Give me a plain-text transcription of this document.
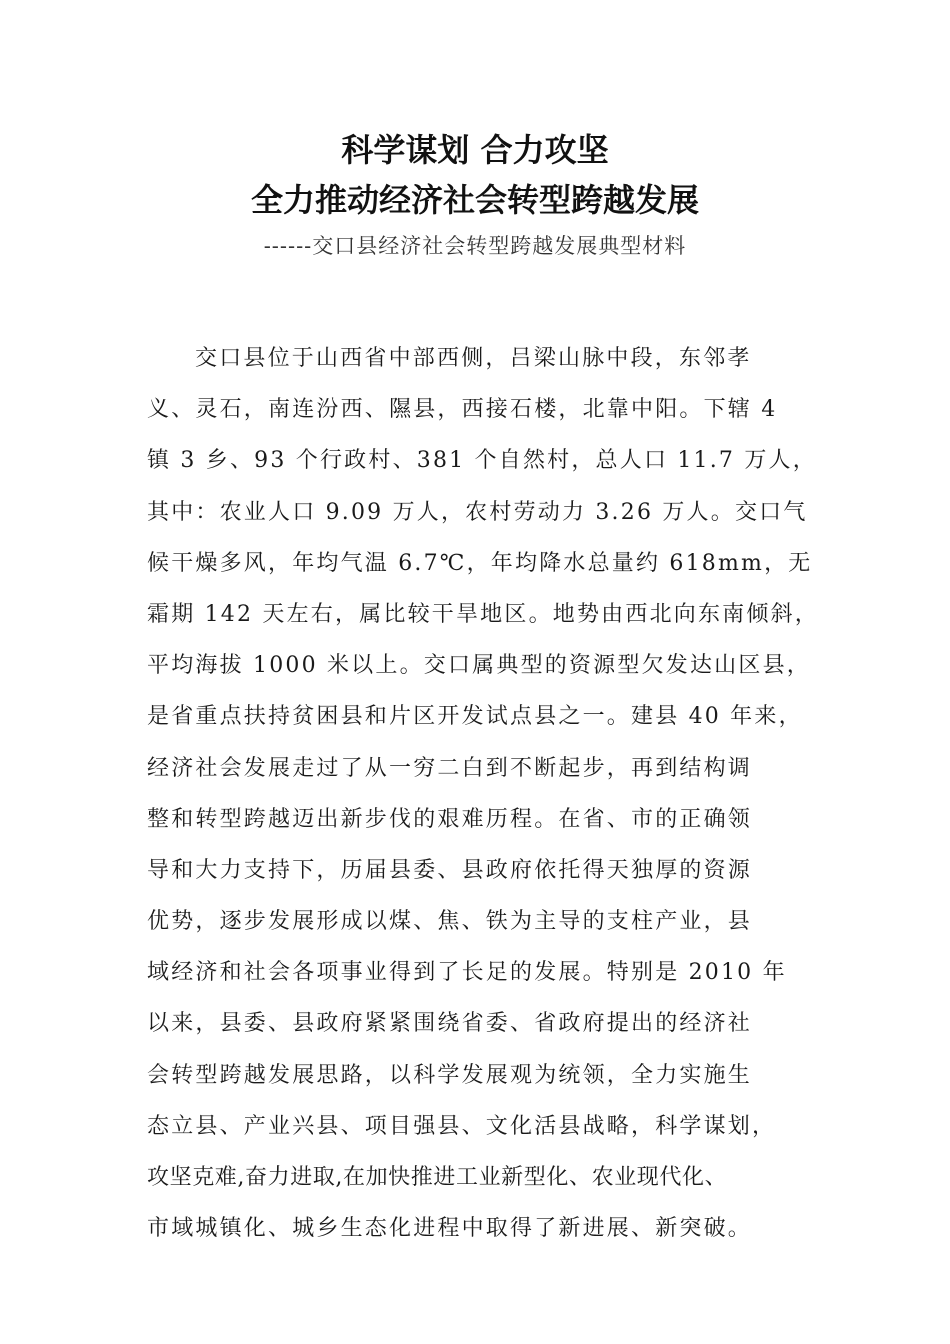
科学谋划 合力攻坚
全力推动经济社会转型跨越发展
------交口县经济社会转型跨越发展典型材料
交口县位于山西省中部西侧，吕梁山脉中段，东邻孝
义、灵石，南连汾西、隰县，西接石楼，北靠中阳。下辖 4
镇 3 乡、93 个行政村、381 个自然村，总人口 11.7 万人，
其中：农业人口 9.09 万人，农村劳动力 3.26 万人。交口气
候干燥多风，年均气温 6.7℃，年均降水总量约 618mm，无
霜期 142 天左右，属比较干旱地区。地势由西北向东南倾斜，
平均海拔 1000 米以上。交口属典型的资源型欠发达山区县，
是省重点扶持贫困县和片区开发试点县之一。建县 40 年来，
经济社会发展走过了从一穷二白到不断起步，再到结构调
整和转型跨越迈出新步伐的艰难历程。在省、市的正确领
导和大力支持下，历届县委、县政府依托得天独厚的资源
优势，逐步发展形成以煤、焦、铁为主导的支柱产业，县
域经济和社会各项事业得到了长足的发展。特别是 2010 年
以来，县委、县政府紧紧围绕省委、省政府提出的经济社
会转型跨越发展思路，以科学发展观为统领，全力实施生
态立县、产业兴县、项目强县、文化活县战略，科学谋划，
攻坚克难,奋力进取,在加快推进工业新型化、农业现代化、
市域城镇化、城乡生态化进程中取得了新进展、新突破。
